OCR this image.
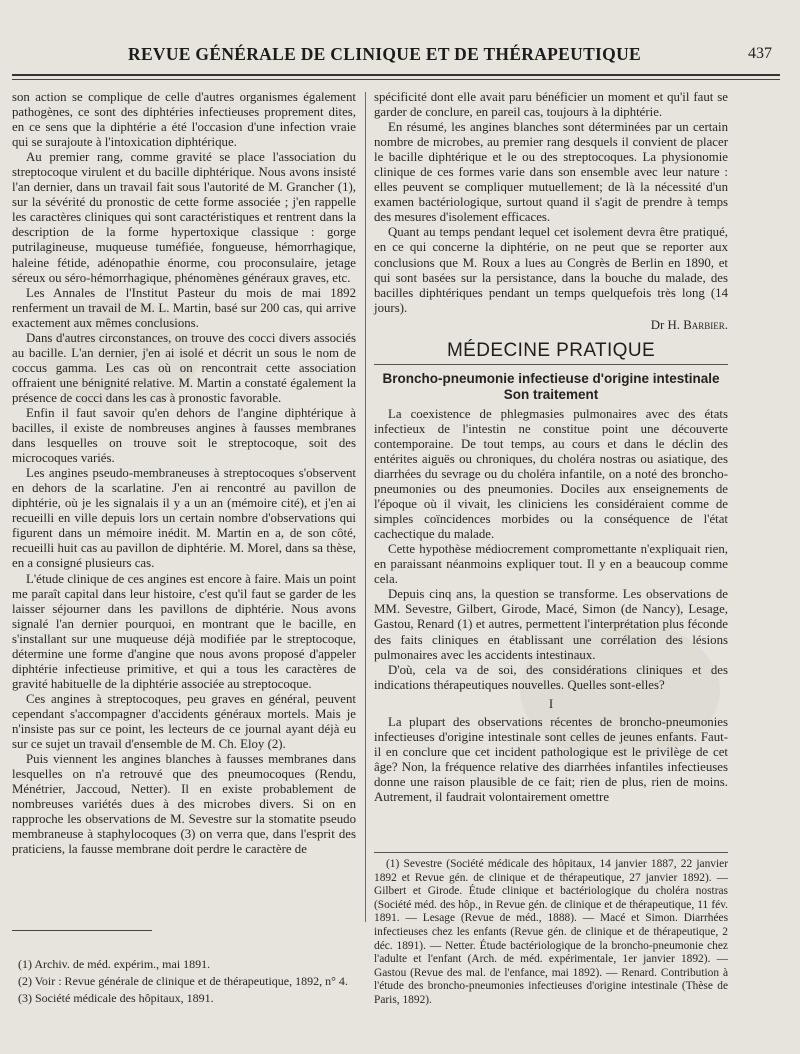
REVUE GÉNÉRALE DE CLINIQUE ET DE THÉRAPEUTIQUE	437

son action se complique de celle d'autres organismes également pathogènes, ce sont des diphtéries infectieuses proprement dites, en ce sens que la diphtérie a été l'occasion d'une infection vraie qui se surajoute à l'intoxication diphtérique.

Au premier rang, comme gravité se place l'association du streptocoque virulent et du bacille diphtérique. Nous avons insisté l'an dernier, dans un travail fait sous l'autorité de M. Grancher (1), sur la sévérité du pronostic de cette forme associée ; j'en rappelle les caractères cliniques qui sont caractéristiques et rentrent dans la description de la forme hypertoxique classique : gorge putrilagineuse, muqueuse tuméfiée, fongueuse, hémorrhagique, haleine fétide, adénopathie énorme, cou proconsulaire, jetage séreux ou séro-hémorrhagique, phénomènes généraux graves, etc.

Les Annales de l'Institut Pasteur du mois de mai 1892 renferment un travail de M. L. Martin, basé sur 200 cas, qui arrive exactement aux mêmes conclusions.

Dans d'autres circonstances, on trouve des cocci divers associés au bacille. L'an dernier, j'en ai isolé et décrit un sous le nom de coccus gamma. Les cas où on rencontrait cette association offraient une bénignité relative. M. Martin a constaté également la présence de cocci dans les cas à pronostic favorable.

Enfin il faut savoir qu'en dehors de l'angine diphtérique à bacilles, il existe de nombreuses angines à fausses membranes dans lesquelles on trouve soit le streptocoque, soit des microcoques variés.

Les angines pseudo-membraneuses à streptocoques s'observent en dehors de la scarlatine. J'en ai rencontré au pavillon de diphtérie, où je les signalais il y a un an (mémoire cité), et j'en ai recueilli en ville depuis lors un certain nombre d'observations qui figurent dans un mémoire inédit. M. Martin en a, de son côté, recueilli huit cas au pavillon de diphtérie. M. Morel, dans sa thèse, en a consigné plusieurs cas.

L'étude clinique de ces angines est encore à faire. Mais un point me paraît capital dans leur histoire, c'est qu'il faut se garder de les laisser séjourner dans les pavillons de diphtérie. Nous avons signalé l'an dernier pourquoi, en montrant que le bacille, en s'installant sur une muqueuse déjà modifiée par le streptocoque, détermine une forme d'angine que nous avons proposé d'appeler diphtérie infectieuse primitive, et qui a tous les caractères de gravité habituelle de la diphtérie associée au streptocoque.

Ces angines à streptocoques, peu graves en général, peuvent cependant s'accompagner d'accidents généraux mortels. Mais je n'insiste pas sur ce point, les lecteurs de ce journal ayant déjà eu sur ce sujet un travail d'ensemble de M. Ch. Eloy (2).

Puis viennent les angines blanches à fausses membranes dans lesquelles on n'a retrouvé que des pneumocoques (Rendu, Ménétrier, Jaccoud, Netter). Il en existe probablement de nombreuses variétés dues à des microbes divers. Si on en rapproche les observations de M. Sevestre sur la stomatite pseudo membraneuse à staphylocoques (3) on verra que, dans l'esprit des praticiens, la fausse membrane doit perdre le caractère de

(1) Archiv. de méd. expérim., mai 1891.

(2) Voir : Revue générale de clinique et de thérapeutique, 1892, n° 4.

(3) Société médicale des hôpitaux, 1891.

spécificité dont elle avait paru bénéficier un moment et qu'il faut se garder de conclure, en pareil cas, toujours à la diphtérie.

En résumé, les angines blanches sont déterminées par un certain nombre de microbes, au premier rang desquels il convient de placer le bacille diphtérique et le ou des streptocoques. La physionomie clinique de ces formes varie dans son ensemble avec leur nature : elles peuvent se compliquer mutuellement; de là la nécessité d'un examen bactériologique, surtout quand il s'agit de prendre à temps des mesures d'isolement efficaces.

Quant au temps pendant lequel cet isolement devra être pratiqué, en ce qui concerne la diphtérie, on ne peut que se reporter aux conclusions que M. Roux a lues au Congrès de Berlin en 1890, et qui sont basées sur la persistance, dans la bouche du malade, des bacilles diphtériques pendant un temps quelquefois très long (14 jours).

Dr H. Barbier.
MÉDECINE PRATIQUE
Broncho-pneumonie infectieuse d'origine intestinale
Son traitement

La coexistence de phlegmasies pulmonaires avec des états infectieux de l'intestin ne constitue point une découverte contemporaine. De tout temps, au cours et dans le déclin des entérites aiguës ou chroniques, du choléra nostras ou asiatique, des diarrhées du sevrage ou du choléra infantile, on a noté des broncho-pneumonies ou des pneumonies. Dociles aux enseignements de l'époque où il vivait, les cliniciens les considéraient comme de simples coïncidences morbides ou la conséquence de l'état cachectique du malade.

Cette hypothèse médiocrement compromettante n'expliquait rien, en paraissant néanmoins expliquer tout. Il y en a beaucoup comme cela.

Depuis cinq ans, la question se transforme. Les observations de MM. Sevestre, Gilbert, Girode, Macé, Simon (de Nancy), Lesage, Gastou, Renard (1) et autres, permettent l'interprétation plus féconde des faits cliniques en établissant une corrélation des lésions pulmonaires avec les accidents intestinaux.

D'où, cela va de soi, des considérations cliniques et des indications thérapeutiques nouvelles. Quelles sont-elles?

I

La plupart des observations récentes de broncho-pneumonies infectieuses d'origine intestinale sont celles de jeunes enfants. Faut-il en conclure que cet incident pathologique est le privilège de cet âge? Non, la fréquence relative des diarrhées infantiles infectieuses donne une raison plausible de ce fait; rien de plus, rien de moins. Autrement, il faudrait volontairement omettre

(1) Sevestre (Société médicale des hôpitaux, 14 janvier 1887, 22 janvier 1892 et Revue gén. de clinique et de thérapeutique, 27 janvier 1892). — Gilbert et Girode. Étude clinique et bactériologique du choléra nostras (Société méd. des hôp., in Revue gén. de clinique et de thérapeutique, 11 fév. 1891. — Lesage (Revue de méd., 1888). — Macé et Simon. Diarrhées infectieuses chez les enfants (Revue gén. de clinique et de thérapeutique, 2 déc. 1891). — Netter. Étude bactériologique de la broncho-pneumonie chez l'adulte et l'enfant (Arch. de méd. expérimentale, 1er janvier 1892). — Gastou (Revue des mal. de l'enfance, mai 1892). — Renard. Contribution à l'étude des broncho-pneumonies infectieuses d'origine intestinale (Thèse de Paris, 1892).
